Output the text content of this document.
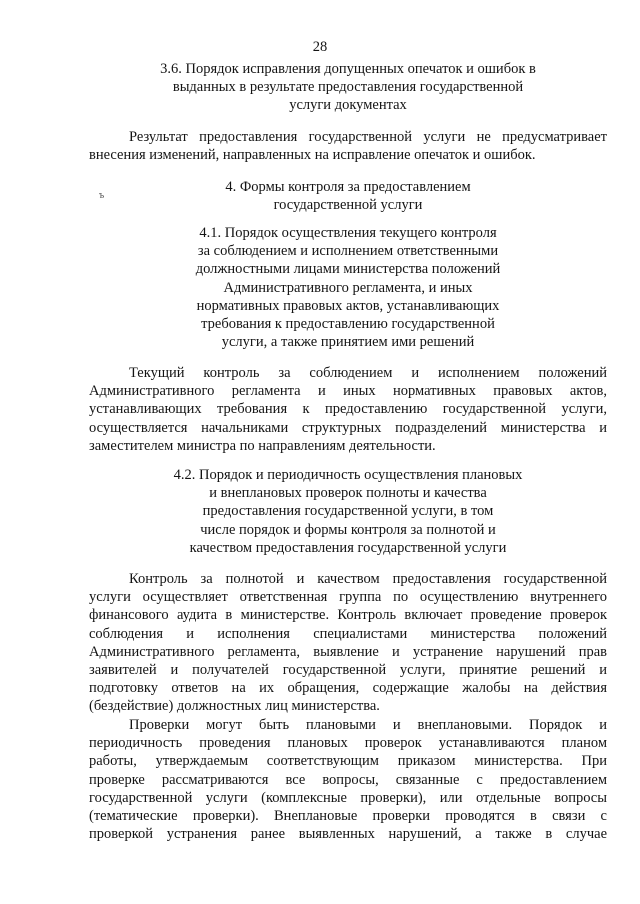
28
ъ
3.6. Порядок исправления допущенных опечаток и ошибок в
выданных в результате предоставления государственной
услуги документах
Результат предоставления государственной услуги не предусматривает
внесения изменений, направленных на исправление опечаток и ошибок.
4. Формы контроля за предоставлением
государственной услуги
4.1. Порядок осуществления текущего контроля
за соблюдением и исполнением ответственными
должностными лицами министерства положений
Административного регламента, и иных
нормативных правовых актов, устанавливающих
требования к предоставлению государственной
услуги, а также принятием ими решений
Текущий контроль за соблюдением и исполнением положений
Административного регламента и иных нормативных правовых актов,
устанавливающих требования к предоставлению государственной услуги,
осуществляется начальниками структурных подразделений министерства и
заместителем министра по направлениям деятельности.
4.2. Порядок и периодичность осуществления плановых
и внеплановых проверок полноты и качества
предоставления государственной услуги, в том
числе порядок и формы контроля за полнотой и
качеством предоставления государственной услуги
Контроль за полнотой и качеством предоставления государственной
услуги осуществляет ответственная группа по осуществлению внутреннего
финансового аудита в министерстве. Контроль включает проведение проверок
соблюдения и исполнения специалистами министерства положений
Административного регламента, выявление и устранение нарушений прав
заявителей и получателей государственной услуги, принятие решений и
подготовку ответов на их обращения, содержащие жалобы на действия
(бездействие) должностных лиц министерства.
Проверки могут быть плановыми и внеплановыми. Порядок и
периодичность проведения плановых проверок устанавливаются планом
работы, утверждаемым соответствующим приказом министерства. При
проверке рассматриваются все вопросы, связанные с предоставлением
государственной услуги (комплексные проверки), или отдельные вопросы
(тематические проверки). Внеплановые проверки проводятся в связи с
проверкой устранения ранее выявленных нарушений, а также в случае
